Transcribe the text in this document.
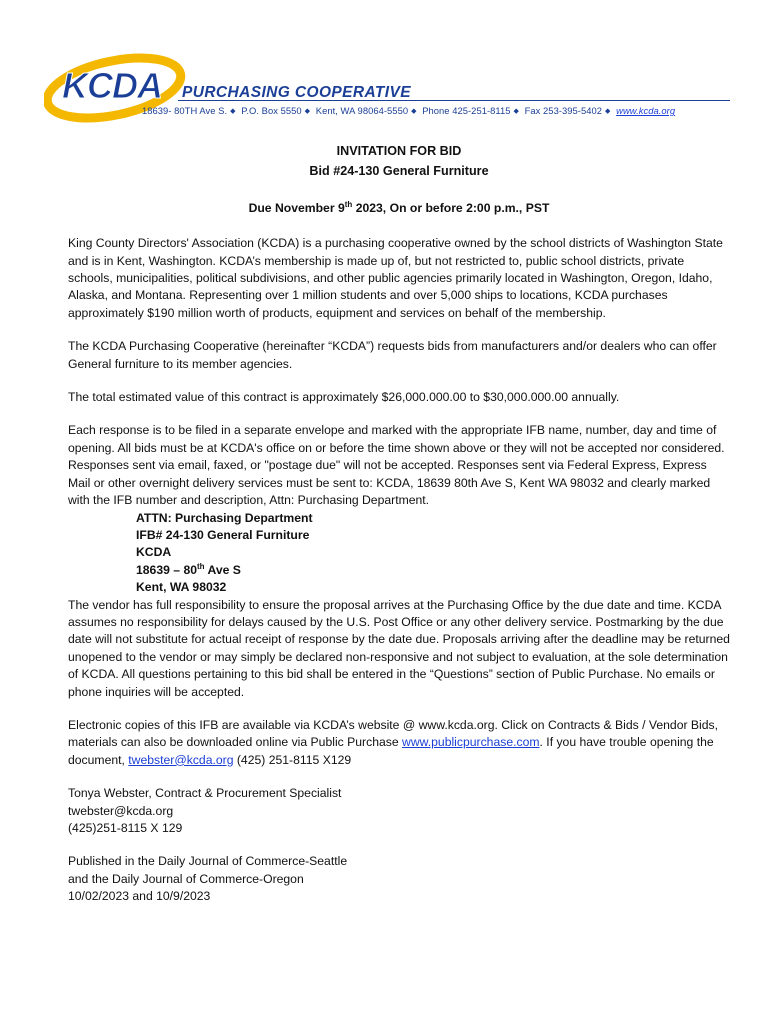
KCDA PURCHASING COOPERATIVE
18639- 80TH Ave S. ◆ P.O. Box 5550 ◆ Kent, WA 98064-5550 ◆ Phone 425-251-8115 ◆ Fax 253-395-5402 ◆ www.kcda.org
INVITATION FOR BID
Bid #24-130 General Furniture
Due November 9th 2023, On or before 2:00 p.m., PST

King County Directors' Association (KCDA) is a purchasing cooperative owned by the school districts of Washington State and is in Kent, Washington. KCDA’s membership is made up of, but not restricted to, public school districts, private schools, municipalities, political subdivisions, and other public agencies primarily located in Washington, Oregon, Idaho, Alaska, and Montana. Representing over 1 million students and over 5,000 ships to locations, KCDA purchases approximately $190 million worth of products, equipment and services on behalf of the membership.

The KCDA Purchasing Cooperative (hereinafter “KCDA”) requests bids from manufacturers and/or dealers who can offer General furniture to its member agencies.

The total estimated value of this contract is approximately $26,000.000.00 to $30,000.000.00 annually.

Each response is to be filed in a separate envelope and marked with the appropriate IFB name, number, day and time of opening. All bids must be at KCDA's office on or before the time shown above or they will not be accepted nor considered. Responses sent via email, faxed, or "postage due" will not be accepted. Responses sent via Federal Express, Express Mail or other overnight delivery services must be sent to: KCDA, 18639 80th Ave S, Kent WA 98032 and clearly marked with the IFB number and description, Attn: Purchasing Department.

ATTN: Purchasing Department
IFB# 24-130 General Furniture
KCDA
18639 – 80th Ave S
Kent, WA 98032

The vendor has full responsibility to ensure the proposal arrives at the Purchasing Office by the due date and time. KCDA assumes no responsibility for delays caused by the U.S. Post Office or any other delivery service. Postmarking by the due date will not substitute for actual receipt of response by the date due. Proposals arriving after the deadline may be returned unopened to the vendor or may simply be declared non-responsive and not subject to evaluation, at the sole determination of KCDA. All questions pertaining to this bid shall be entered in the “Questions” section of Public Purchase. No emails or phone inquiries will be accepted.

Electronic copies of this IFB are available via KCDA’s website @ www.kcda.org. Click on Contracts & Bids / Vendor Bids, materials can also be downloaded online via Public Purchase www.publicpurchase.com. If you have trouble opening the document, twebster@kcda.org (425) 251-8115 X129

Tonya Webster, Contract & Procurement Specialist
twebster@kcda.org
(425)251-8115 X 129
Published in the Daily Journal of Commerce-Seattle
and the Daily Journal of Commerce-Oregon
10/02/2023 and 10/9/2023
